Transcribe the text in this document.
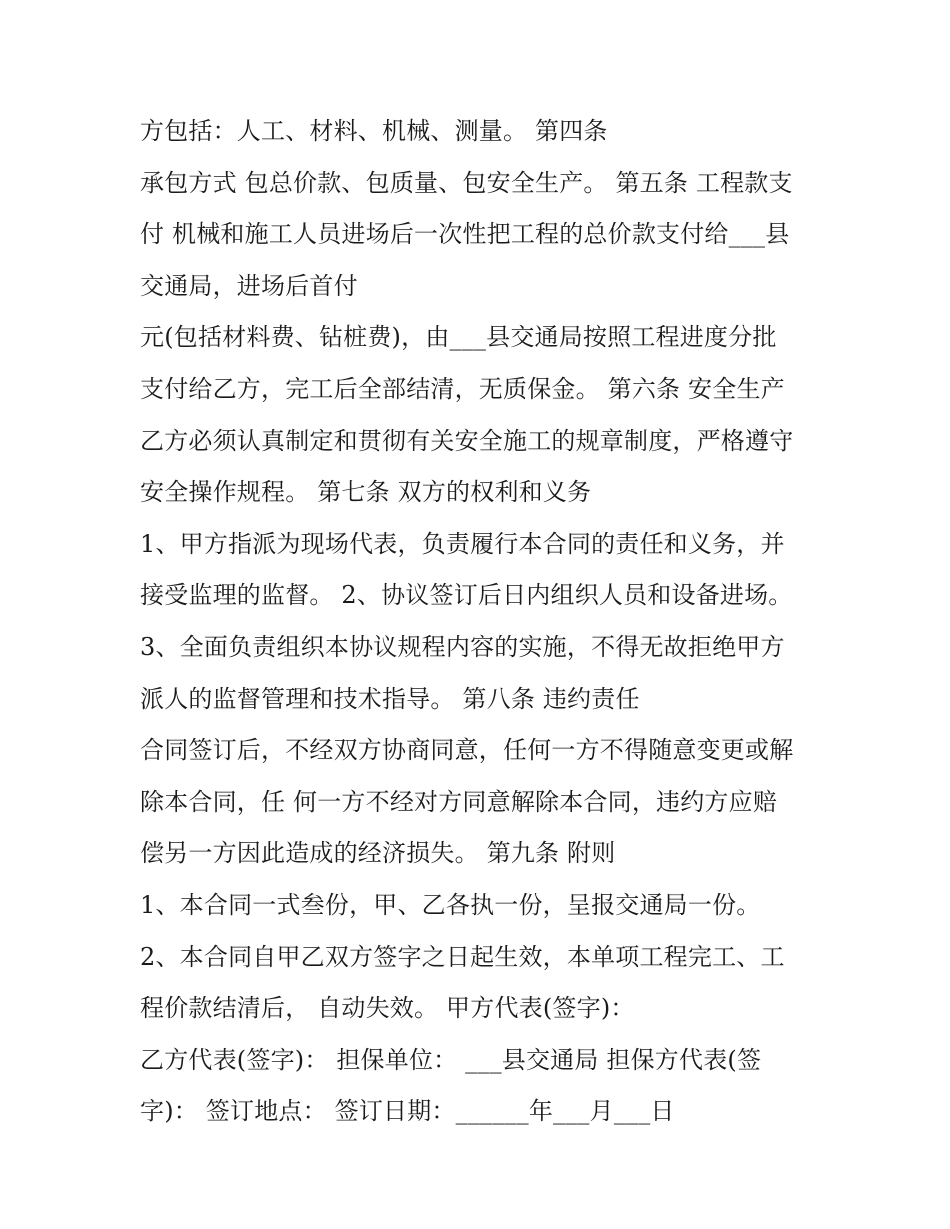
方包括：人工、材料、机械、测量。 第四条
承包方式 包总价款、包质量、包安全生产。 第五条 工程款支
付 机械和施工人员进场后一次性把工程的总价款支付给___县
交通局，进场后首付
元(包括材料费、钻桩费)，由___县交通局按照工程进度分批
支付给乙方，完工后全部结清，无质保金。 第六条 安全生产
乙方必须认真制定和贯彻有关安全施工的规章制度，严格遵守
安全操作规程。 第七条 双方的权利和义务
1、甲方指派为现场代表，负责履行本合同的责任和义务，并
接受监理的监督。 2、协议签订后日内组织人员和设备进场。
3、全面负责组织本协议规程内容的实施，不得无故拒绝甲方
派人的监督管理和技术指导。 第八条 违约责任
合同签订后，不经双方协商同意，任何一方不得随意变更或解
除本合同，任 何一方不经对方同意解除本合同，违约方应赔
偿另一方因此造成的经济损失。 第九条 附则
1、本合同一式叁份，甲、乙各执一份，呈报交通局一份。
2、本合同自甲乙双方签字之日起生效，本单项工程完工、工
程价款结清后， 自动失效。 甲方代表(签字)：
乙方代表(签字)： 担保单位： ___县交通局 担保方代表(签
字)： 签订地点： 签订日期：______年___月___日
